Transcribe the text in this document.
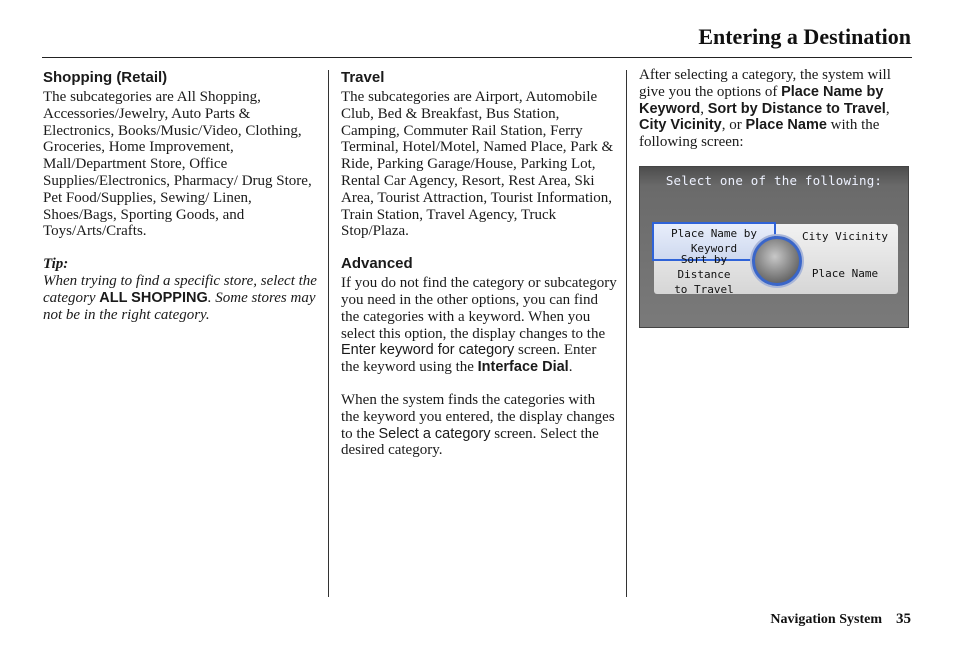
Entering a Destination
Shopping (Retail)

The subcategories are All Shopping, Accessories/Jewelry, Auto Parts & Electronics, Books/Music/Video, Clothing, Groceries, Home Improvement, Mall/Department Store, Office Supplies/Electronics, Pharmacy/ Drug Store, Pet Food/Supplies, Sewing/ Linen, Shoes/Bags, Sporting Goods, and Toys/Arts/Crafts.

Tip:
When trying to find a specific store, select the category ALL SHOPPING. Some stores may not be in the right category.

Travel

The subcategories are Airport, Automobile Club, Bed & Breakfast, Bus Station, Camping, Commuter Rail Station, Ferry Terminal, Hotel/Motel, Named Place, Park & Ride, Parking Garage/House, Parking Lot, Rental Car Agency, Resort, Rest Area, Ski Area, Tourist Attraction, Tourist Information, Train Station, Travel Agency, Truck Stop/Plaza.

Advanced

If you do not find the category or subcategory you need in the other options, you can find the categories with a keyword. When you select this option, the display changes to the Enter keyword for category screen. Enter the keyword using the Interface Dial.

When the system finds the categories with the keyword you entered, the display changes to the Select a category screen. Select the desired category.

After selecting a category, the system will give you the options of Place Name by Keyword, Sort by Distance to Travel, City Vicinity, or Place Name with the following screen:

Select one of the following:
Place Name by
Keyword
Sort by Distance
to Travel
City Vicinity
Place Name
Navigation System 35
